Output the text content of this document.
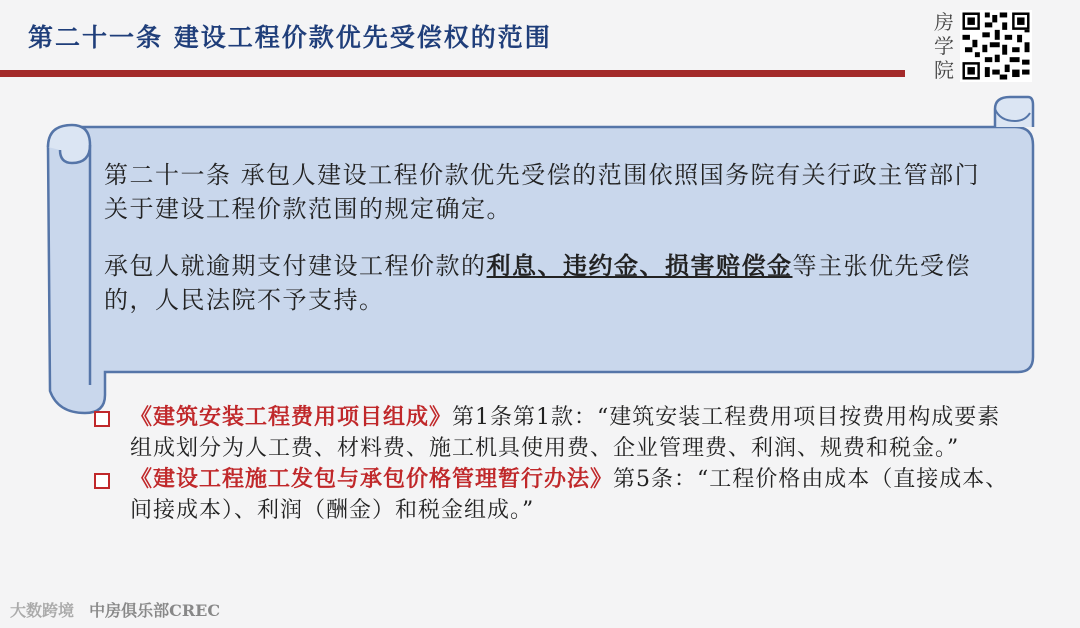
第二十一条 建设工程价款优先受偿权的范围
房学院

第二十一条 承包人建设工程价款优先受偿的范围依照国务院有关行政主管部门关于建设工程价款范围的规定确定。

承包人就逾期支付建设工程价款的利息、违约金、损害赔偿金等主张优先受偿的，人民法院不予支持。

《建筑安装工程费用项目组成》第1条第1款：“建筑安装工程费用项目按费用构成要素组成划分为人工费、材料费、施工机具使用费、企业管理费、利润、规费和税金。”
《建设工程施工发包与承包价格管理暂行办法》第5条：“工程价格由成本（直接成本、间接成本）、利润（酬金）和税金组成。”
大数跨境 中房俱乐部CREC
